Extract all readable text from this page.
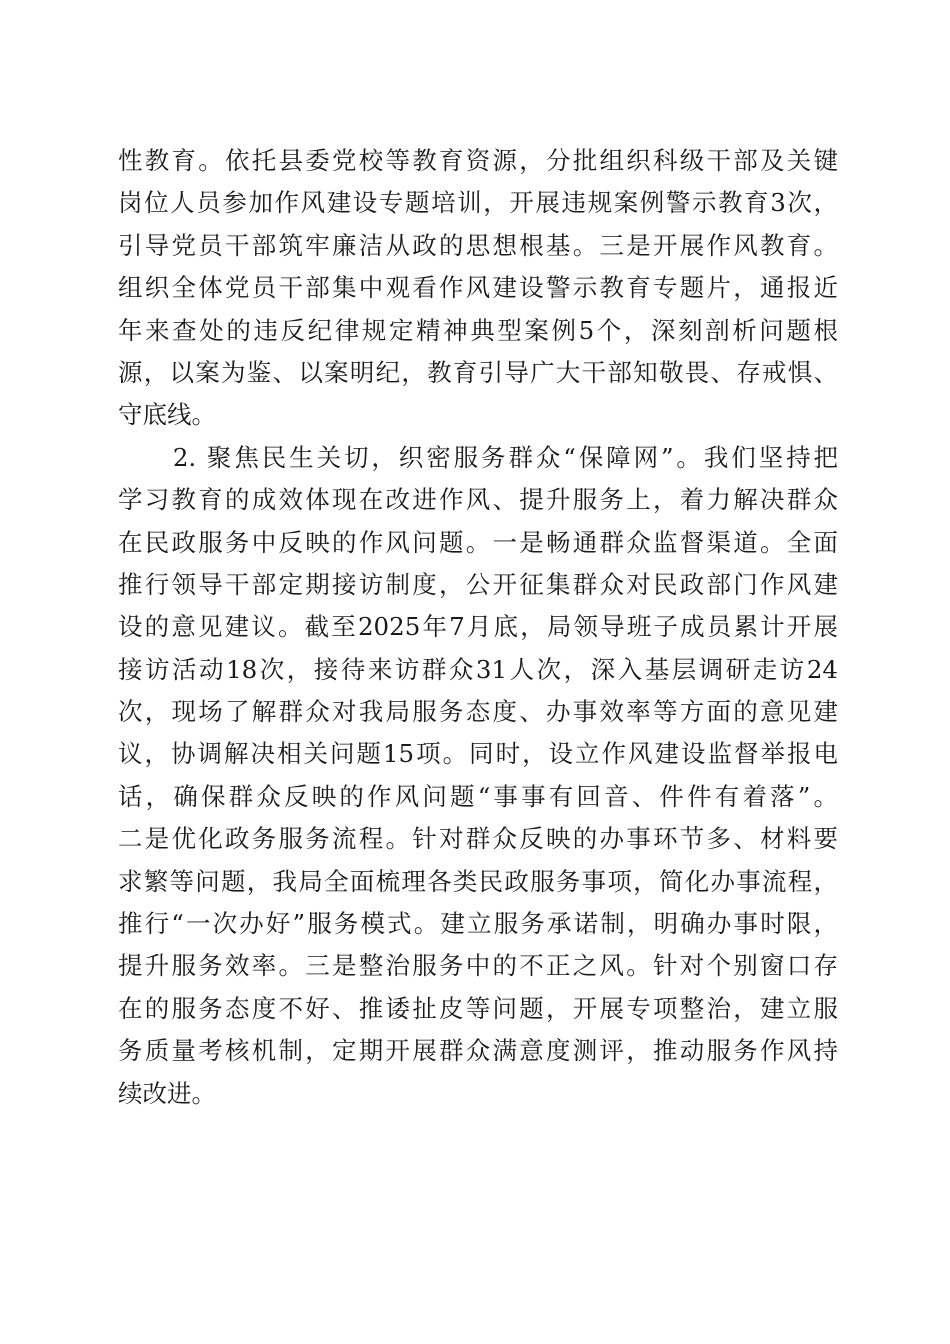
性教育。依托县委党校等教育资源，分批组织科级干部及关键
岗位人员参加作风建设专题培训，开展违规案例警示教育3次，
引导党员干部筑牢廉洁从政的思想根基。三是开展作风教育。
组织全体党员干部集中观看作风建设警示教育专题片，通报近
年来查处的违反纪律规定精神典型案例5个，深刻剖析问题根
源，以案为鉴、以案明纪，教育引导广大干部知敬畏、存戒惧、
守底线。
　　2. 聚焦民生关切，织密服务群众“保障网”。我们坚持把
学习教育的成效体现在改进作风、提升服务上，着力解决群众
在民政服务中反映的作风问题。一是畅通群众监督渠道。全面
推行领导干部定期接访制度，公开征集群众对民政部门作风建
设的意见建议。截至2025年7月底，局领导班子成员累计开展
接访活动18次，接待来访群众31人次，深入基层调研走访24
次，现场了解群众对我局服务态度、办事效率等方面的意见建
议，协调解决相关问题15项。同时，设立作风建设监督举报电
话，确保群众反映的作风问题“事事有回音、件件有着落”。
二是优化政务服务流程。针对群众反映的办事环节多、材料要
求繁等问题，我局全面梳理各类民政服务事项，简化办事流程，
推行“一次办好”服务模式。建立服务承诺制，明确办事时限，
提升服务效率。三是整治服务中的不正之风。针对个别窗口存
在的服务态度不好、推诿扯皮等问题，开展专项整治，建立服
务质量考核机制，定期开展群众满意度测评，推动服务作风持
续改进。
